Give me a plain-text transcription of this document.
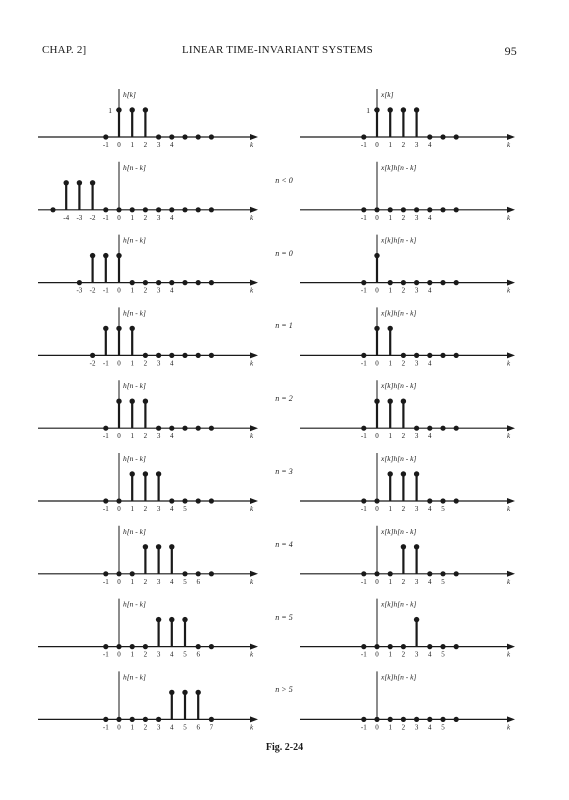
CHAP. 2]	LINEAR TIME-INVARIANT SYSTEMS	95
h[k]
1
-1 0 1 2 3 4	k
x[k]
1
-1 0 1 2 3 4	k
h[n - k]
-4 -3 -2 -1 0 1 2 3 4	k
x[k]h[n - k]
-1 0 1 2 3 4	k
h[n - k]
-3 -2 -1 0 1 2 3 4	k
x[k]h[n - k]
-1 0 1 2 3 4	k
h[n - k]
-2 -1 0 1 2 3 4	k
x[k]h[n - k]
-1 0 1 2 3 4	k
h[n - k]
-1 0 1 2 3 4	k
x[k]h[n - k]
-1 0 1 2 3 4	k
h[n - k]
-1 0 1 2 3 4 5	k
x[k]h[n - k]
-1 0 1 2 3 4 5	k
h[n - k]
-1 0 1 2 3 4 5 6	k
x[k]h[n - k]
-1 0 1 2 3 4 5	k
h[n - k]
-1 0 1 2 3 4 5 6	k
x[k]h[n - k]
-1 0 1 2 3 4 5	k
h[n - k]
-1 0 1 2 3 4 5 6 7	k
x[k]h[n - k]
-1 0 1 2 3 4 5	k
n < 0
n = 0
n = 1
n = 2
n = 3
n = 4
n = 5
n > 5
Fig. 2-24
